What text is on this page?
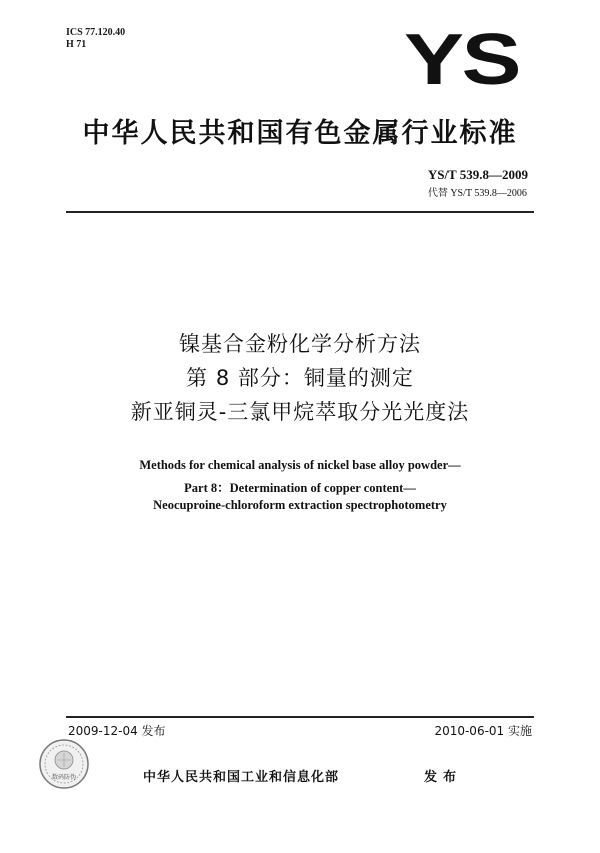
ICS 77.120.40
H 71	YS
中华人民共和国有色金属行业标准
YS/T 539.8—2009
代替 YS/T 539.8—2006
镍基合金粉化学分析方法
第 8 部分：铜量的测定
新亚铜灵-三氯甲烷萃取分光光度法
Methods for chemical analysis of nickel base alloy powder—
Part 8：Determination of copper content—
Neocuproine-chloroform extraction spectrophotometry
2009-12-04 发布	2010-06-01 实施
数码防伪	中华人民共和国工业和信息化部	发布
